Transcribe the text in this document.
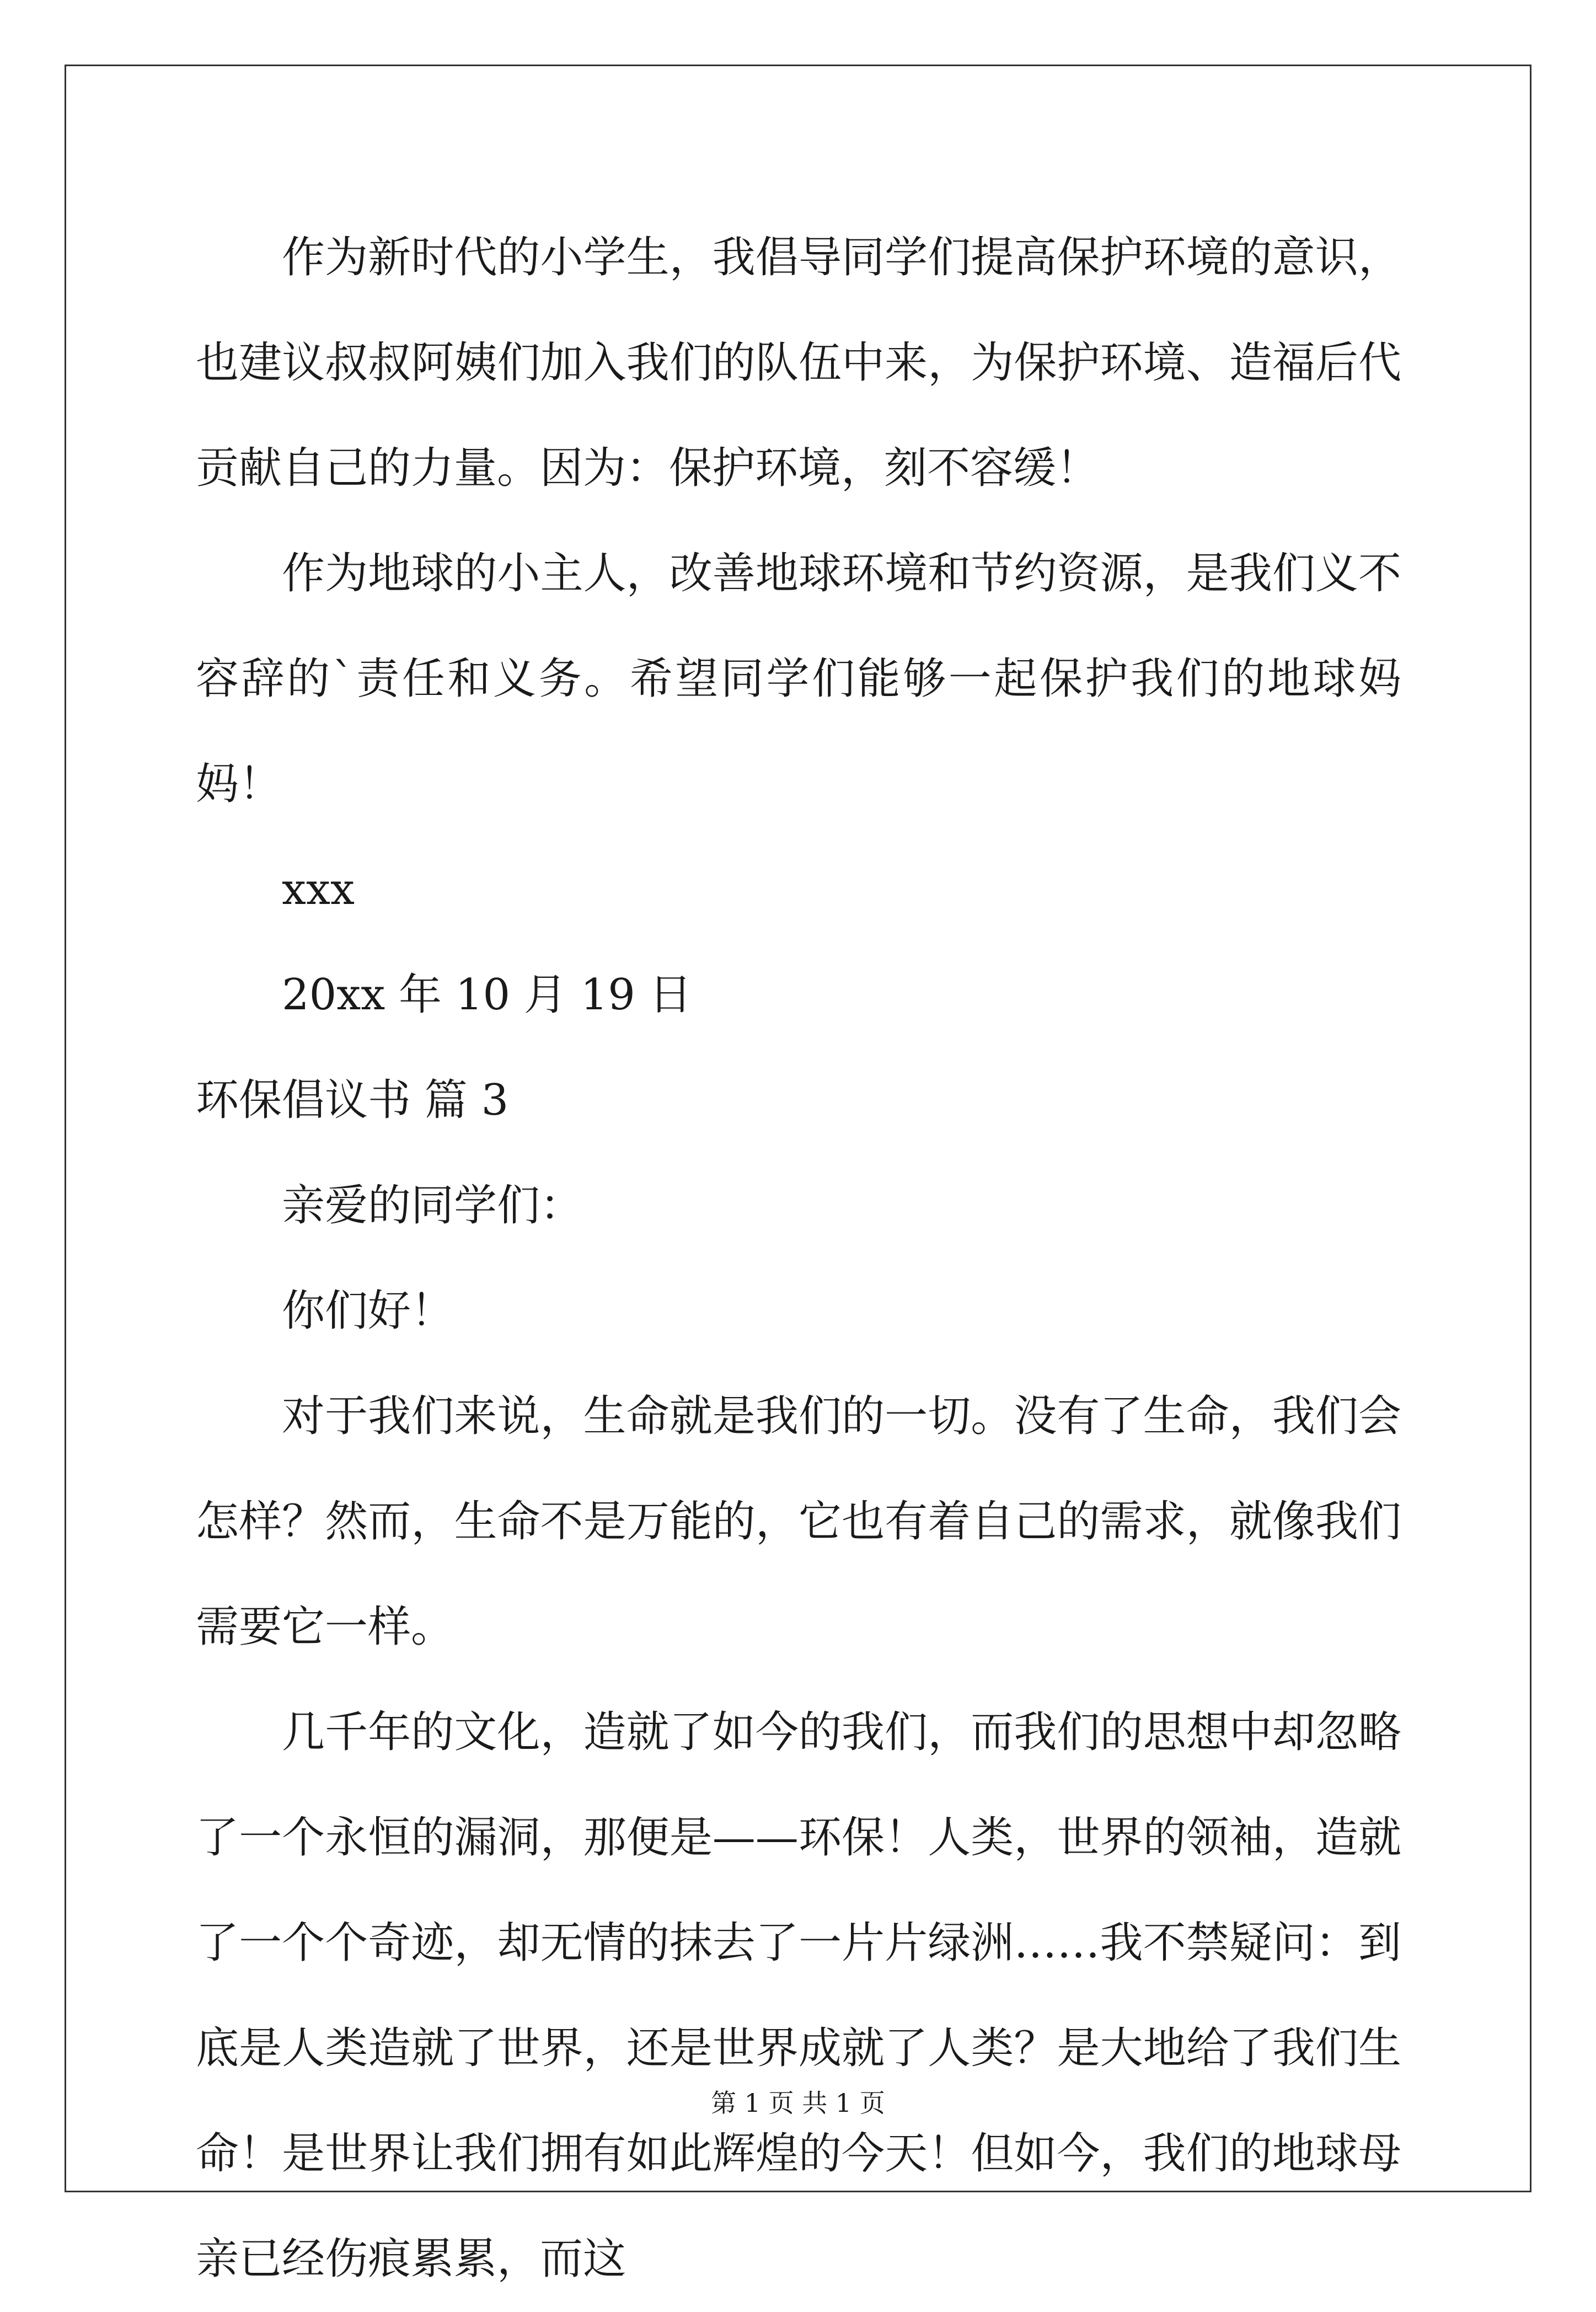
作为新时代的小学生，我倡导同学们提高保护环境的意识，也建议叔叔阿姨们加入我们的队伍中来，为保护环境、造福后代贡献自己的力量。因为：保护环境，刻不容缓！

作为地球的小主人，改善地球环境和节约资源，是我们义不容辞的`责任和义务。希望同学们能够一起保护我们的地球妈妈！

xxx

20xx 年 10 月 19 日

环保倡议书 篇 3

亲爱的同学们：

你们好！

对于我们来说，生命就是我们的一切。没有了生命，我们会怎样？然而，生命不是万能的，它也有着自己的需求，就像我们需要它一样。

几千年的文化，造就了如今的我们，而我们的思想中却忽略了一个永恒的漏洞，那便是——环保！人类，世界的领袖，造就了一个个奇迹，却无情的抹去了一片片绿洲……我不禁疑问：到底是人类造就了世界，还是世界成就了人类？是大地给了我们生命！是世界让我们拥有如此辉煌的今天！但如今，我们的地球母亲已经伤痕累累，而这

第 1 页 共 1 页
